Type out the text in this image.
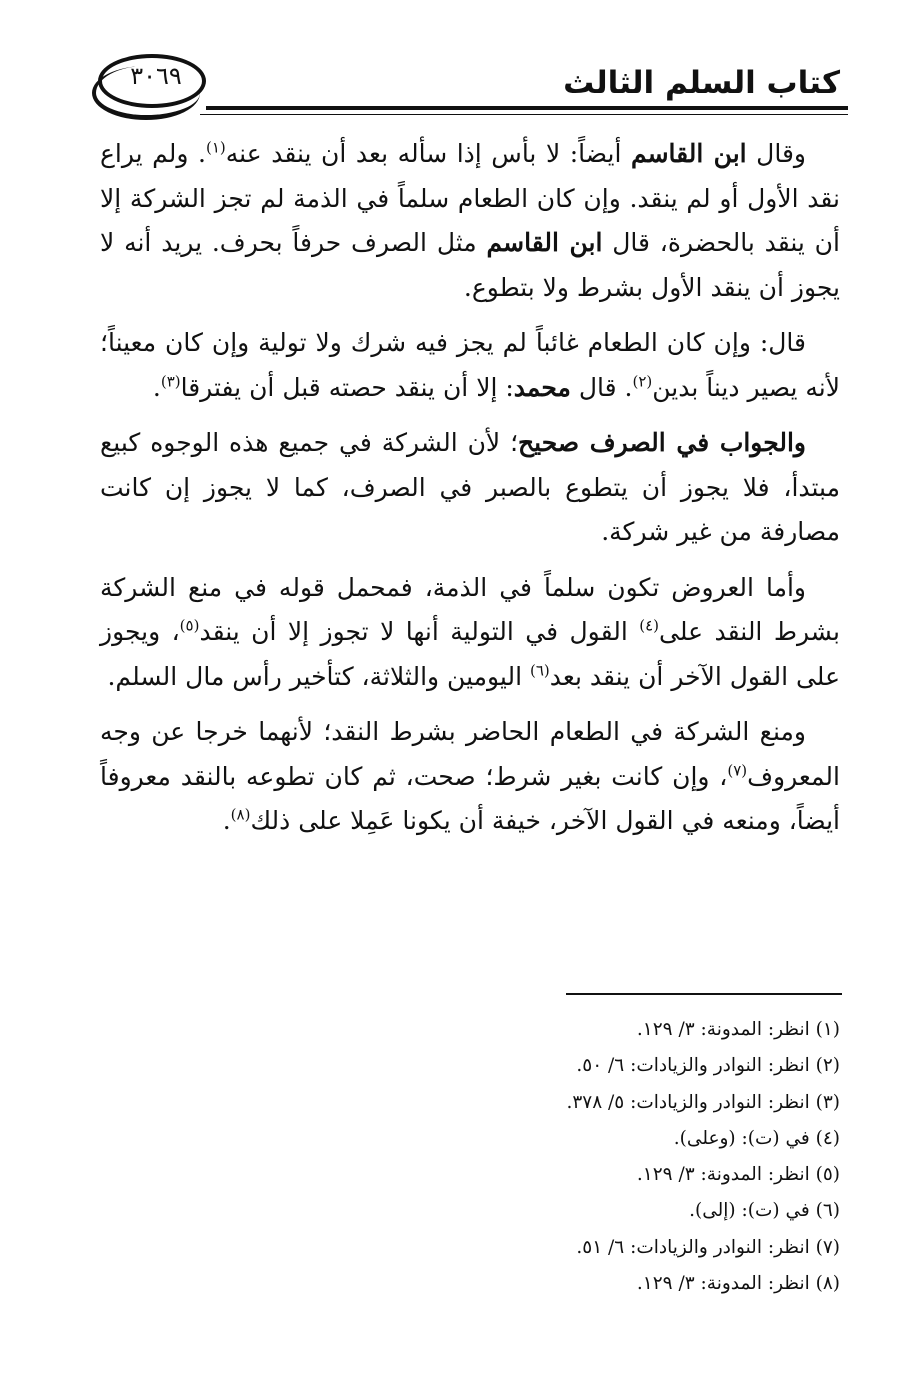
٣٠٦٩	كتاب السلم الثالث

وقال ابن القاسم أيضاً: لا بأس إذا سأله بعد أن ينقد عنه$^{(١)}$. ولم يراع نقد الأول أو لم ينقد. وإن كان الطعام سلماً في الذمة لم تجز الشركة إلا أن ينقد بالحضرة، قال ابن القاسم مثل الصرف حرفاً بحرف. يريد أنه لا يجوز أن ينقد الأول بشرط ولا بتطوع.

قال: وإن كان الطعام غائباً لم يجز فيه شرك ولا تولية وإن كان معيناً؛ لأنه يصير ديناً بدين$^{(٢)}$. قال محمد: إلا أن ينقد حصته قبل أن يفترقا$^{(٣)}$.

والجواب في الصرف صحيح؛ لأن الشركة في جميع هذه الوجوه كبيع مبتدأ، فلا يجوز أن يتطوع بالصبر في الصرف، كما لا يجوز إن كانت مصارفة من غير شركة.

وأما العروض تكون سلماً في الذمة، فمحمل قوله في منع الشركة بشرط النقد على$^{(٤)}$ القول في التولية أنها لا تجوز إلا أن ينقد$^{(٥)}$، ويجوز على القول الآخر أن ينقد بعد$^{(٦)}$ اليومين والثلاثة، كتأخير رأس مال السلم.

ومنع الشركة في الطعام الحاضر بشرط النقد؛ لأنهما خرجا عن وجه المعروف$^{(٧)}$، وإن كانت بغير شرط؛ صحت، ثم كان تطوعه بالنقد معروفاً أيضاً، ومنعه في القول الآخر، خيفة أن يكونا عَمِلا على ذلك$^{(٨)}$.

(١) انظر: المدونة: ٣/ ١٢٩.
(٢) انظر: النوادر والزيادات: ٦/ ٥٠.
(٣) انظر: النوادر والزيادات: ٥/ ٣٧٨.
(٤) في (ت): (وعلى).
(٥) انظر: المدونة: ٣/ ١٢٩.
(٦) في (ت): (إلى).
(٧) انظر: النوادر والزيادات: ٦/ ٥١.
(٨) انظر: المدونة: ٣/ ١٢٩.
